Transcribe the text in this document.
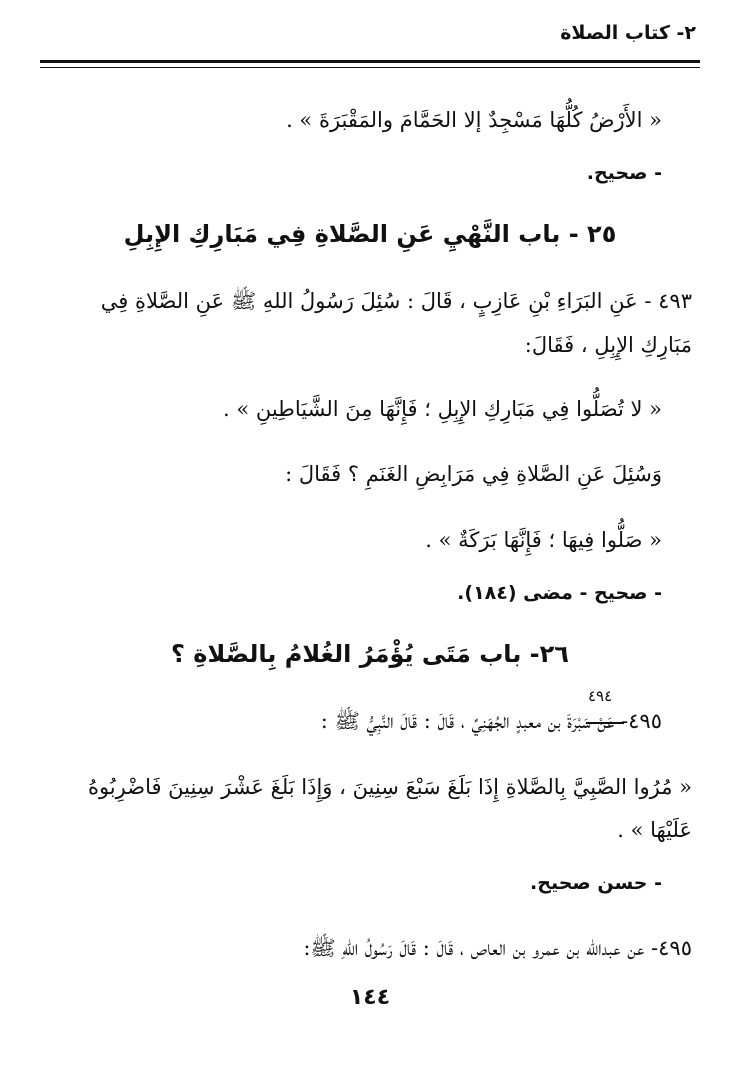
٢- كتاب الصلاة
« الأَرْضُ كُلُّهَا مَسْجِدٌ إلا الحَمَّامَ والمَقْبَرَةَ » .
- صحيح.
٢٥ - باب النَّهْيِ عَنِ الصَّلاةِ فِي مَبَارِكِ الإِبِلِ
٤٩٣ - عَنِ البَرَاءِ بْنِ عَازِبٍ ، قَالَ : سُئِلَ رَسُولُ اللهِ ﷺ عَنِ الصَّلاةِ فِي
مَبَارِكِ الإِبِلِ ، فَقَالَ:
« لا تُصَلُّوا فِي مَبَارِكِ الإِبِلِ ؛ فَإِنَّهَا مِنَ الشَّيَاطِينِ » .
وَسُئِلَ عَنِ الصَّلاةِ فِي مَرَابِضِ الغَنَمِ ؟ فَقَالَ :
« صَلُّوا فِيهَا ؛ فَإِنَّهَا بَرَكَةٌ » .
- صحيح - مضى (١٨٤).
٢٦- باب مَتَى يُؤْمَرُ الغُلامُ بِالصَّلاةِ ؟
٤٩٤
٤٩٥- عَنْ سَبْرَةَ بن معبدٍ الجُهَنِيِّ ، قَالَ : قَالَ النَّبِيُّ ﷺ :
« مُرُوا الصَّبِيَّ بِالصَّلاةِ إِذَا بَلَغَ سَبْعَ سِنِينَ ، وَإِذَا بَلَغَ عَشْرَ سِنِينَ فَاضْرِبُوهُ
عَلَيْهَا » .
- حسن صحيح.
٤٩٥- عن عبدالله بن عمرو بن العاص ، قَالَ : قَالَ رَسُولُ اللهِ ﷺ:
١٤٤
